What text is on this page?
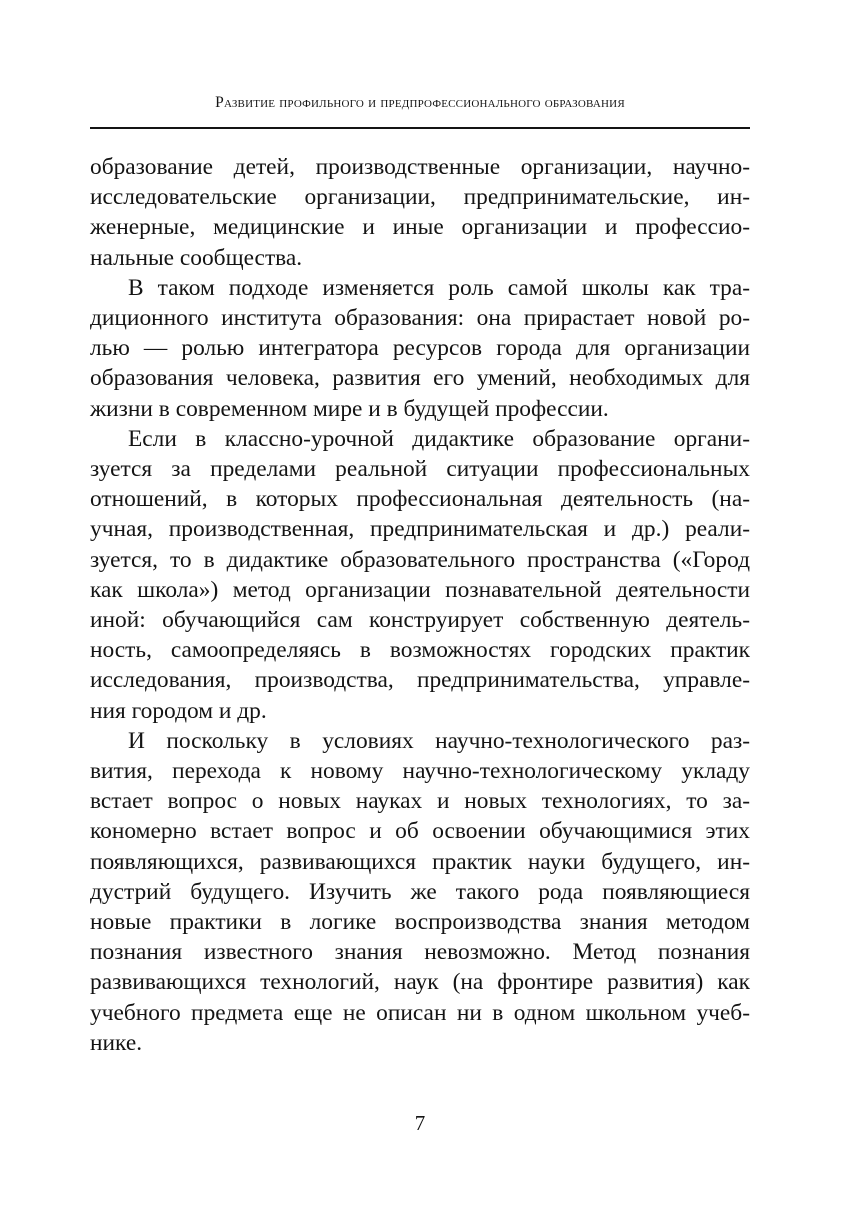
Развитие профильного и предпрофессионального образования

образование детей, производственные организации, научно-
исследовательские организации, предпринимательские, ин-
женерные, медицинские и иные организации и профессио-
нальные сообщества.

В таком подходе изменяется роль самой школы как тра-
диционного института образования: она прирастает новой ро-
лью — ролью интегратора ресурсов города для организации
образования человека, развития его умений, необходимых для
жизни в современном мире и в будущей профессии.

Если в классно-урочной дидактике образование органи-
зуется за пределами реальной ситуации профессиональных
отношений, в которых профессиональная деятельность (на-
учная, производственная, предпринимательская и др.) реали-
зуется, то в дидактике образовательного пространства («Город
как школа») метод организации познавательной деятельности
иной: обучающийся сам конструирует собственную деятель-
ность, самоопределяясь в возможностях городских практик
исследования, производства, предпринимательства, управле-
ния городом и др.

И поскольку в условиях научно-технологического раз-
вития, перехода к новому научно-технологическому укладу
встает вопрос о новых науках и новых технологиях, то за-
кономерно встает вопрос и об освоении обучающимися этих
появляющихся, развивающихся практик науки будущего, ин-
дустрий будущего. Изучить же такого рода появляющиеся
новые практики в логике воспроизводства знания методом
познания известного знания невозможно. Метод познания
развивающихся технологий, наук (на фронтире развития) как
учебного предмета еще не описан ни в одном школьном учеб-
нике.

7
